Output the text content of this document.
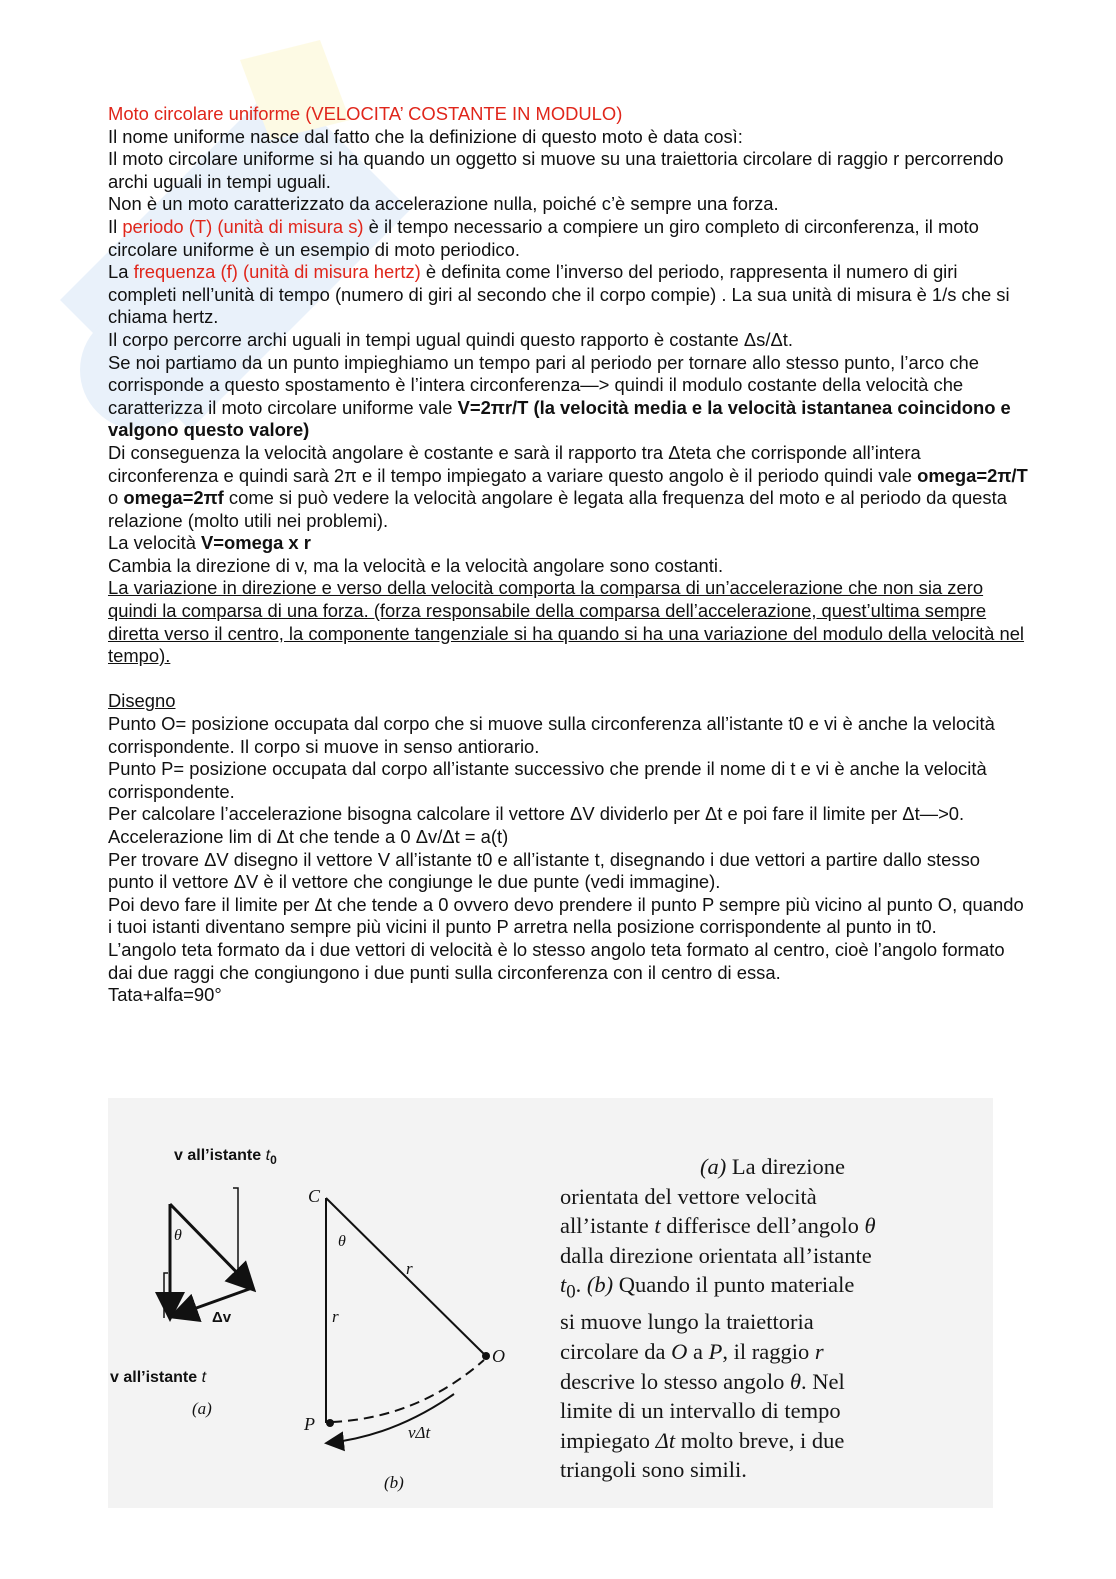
Moto circolare uniforme (VELOCITA’ COSTANTE IN MODULO)

Il nome uniforme nasce dal fatto che la definizione di questo moto è data così:

Il moto circolare uniforme si ha quando un oggetto si muove su una traiettoria circolare di raggio r percorrendo archi uguali in tempi uguali.

Non è un moto caratterizzato da accelerazione nulla, poiché c’è sempre una forza.

Il periodo (T) (unità di misura s) è il tempo necessario a compiere un giro completo di circonferenza, il moto circolare uniforme è un esempio di moto periodico.

La frequenza (f) (unità di misura hertz) è definita come l’inverso del periodo, rappresenta il numero di giri completi nell’unità di tempo (numero di giri al secondo che il corpo compie) . La sua unità di misura è 1/s che si chiama hertz.

Il corpo percorre archi uguali in tempi ugual quindi questo rapporto è costante Δs/Δt.

Se noi partiamo da un punto impieghiamo un tempo pari al periodo per tornare allo stesso punto, l’arco che corrisponde a questo spostamento è l’intera circonferenza—> quindi il modulo costante della velocità che caratterizza il moto circolare uniforme vale V=2πr/T (la velocità media e la velocità istantanea coincidono e valgono questo valore)

Di conseguenza la velocità angolare è costante e sarà il rapporto tra Δteta che corrisponde all’intera circonferenza e quindi sarà 2π e il tempo impiegato a variare questo angolo è il periodo quindi vale omega=2π/T o omega=2πf come si può vedere la velocità angolare è legata alla frequenza del moto e al periodo da questa relazione (molto utili nei problemi).

La velocità V=omega x r

Cambia la direzione di v, ma la velocità e la velocità angolare sono costanti.

La variazione in direzione e verso della velocità comporta la comparsa di un’accelerazione che non sia zero quindi la comparsa di una forza. (forza responsabile della comparsa dell’accelerazione, quest’ultima sempre diretta verso il centro, la componente tangenziale si ha quando si ha una variazione del modulo della velocità nel tempo).

Disegno

Punto O= posizione occupata dal corpo che si muove sulla circonferenza all’istante t0 e vi è anche la velocità corrispondente. Il corpo si muove in senso antiorario.

Punto P= posizione occupata dal corpo all’istante successivo che prende il nome di t e vi è anche la velocità corrispondente.

Per calcolare l’accelerazione bisogna calcolare il vettore ΔV dividerlo per Δt e poi fare il limite per Δt—>0.

Accelerazione lim di Δt che tende a 0 Δv/Δt = a(t)

Per trovare ΔV disegno il vettore V all’istante t0 e all’istante t, disegnando i due vettori a partire dallo stesso punto il vettore ΔV è il vettore che congiunge le due punte (vedi immagine).

Poi devo fare il limite per Δt che tende a 0 ovvero devo prendere il punto P sempre più vicino al punto O, quando i tuoi istanti diventano sempre più vicini il punto P arretra nella posizione corrispondente al punto in t0.

L’angolo teta formato da i due vettori di velocità è lo stesso angolo teta formato al centro, cioè l’angolo formato dai due raggi che congiungono i due punti sulla circonferenza con il centro di essa.

Tata+alfa=90°

v all’istante $t_0$
θ
Δv
v all’istante t
(a)
C
θ
r
r
O
P	vΔt
(b)

(a) La direzione

orientata del vettore velocità

all’istante t differisce dell’angolo θ

dalla direzione orientata all’istante

$t_0$. (b) Quando il punto materiale

si muove lungo la traiettoria

circolare da O a P, il raggio r

descrive lo stesso angolo θ. Nel

limite di un intervallo di tempo

impiegato Δt molto breve, i due

triangoli sono simili.
